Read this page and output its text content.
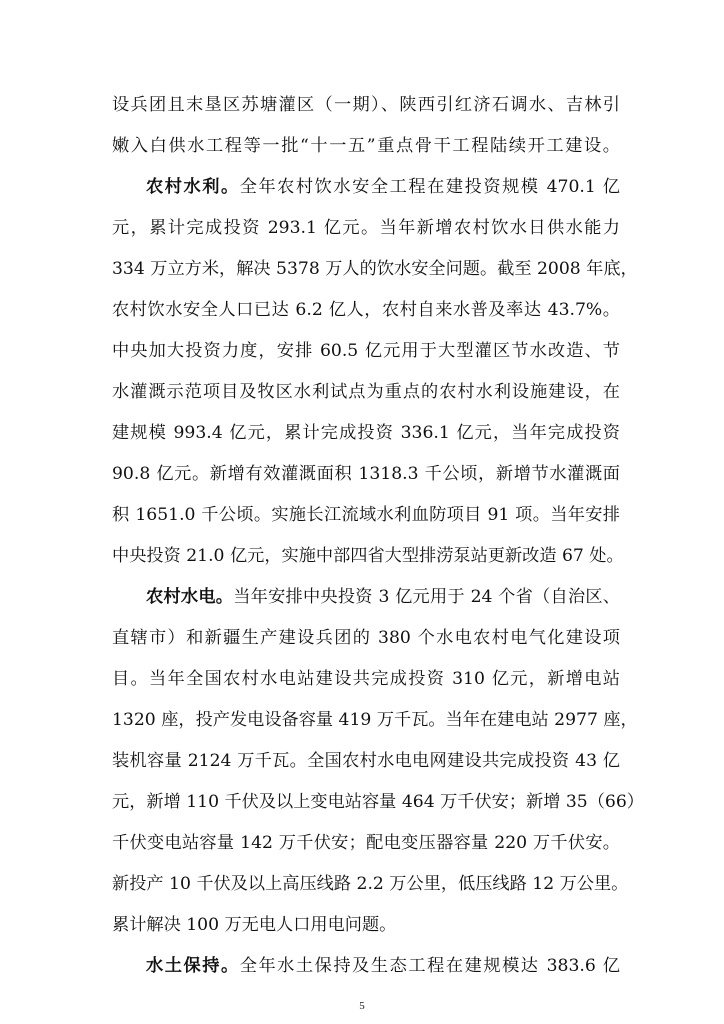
设兵团且末垦区苏塘灌区（一期）、陕西引红济石调水、吉林引
嫩入白供水工程等一批“十一五”重点骨干工程陆续开工建设。
农村水利。全年农村饮水安全工程在建投资规模 470.1 亿
元，累计完成投资 293.1 亿元。当年新增农村饮水日供水能力
334 万立方米，解决 5378 万人的饮水安全问题。截至 2008 年底，
农村饮水安全人口已达 6.2 亿人，农村自来水普及率达 43.7%。
中央加大投资力度，安排 60.5 亿元用于大型灌区节水改造、节
水灌溉示范项目及牧区水利试点为重点的农村水利设施建设，在
建规模 993.4 亿元，累计完成投资 336.1 亿元，当年完成投资
90.8 亿元。新增有效灌溉面积 1318.3 千公顷，新增节水灌溉面
积 1651.0 千公顷。实施长江流域水利血防项目 91 项。当年安排
中央投资 21.0 亿元，实施中部四省大型排涝泵站更新改造 67 处。
农村水电。当年安排中央投资 3 亿元用于 24 个省（自治区、
直辖市）和新疆生产建设兵团的 380 个水电农村电气化建设项
目。当年全国农村水电站建设共完成投资 310 亿元，新增电站
1320 座，投产发电设备容量 419 万千瓦。当年在建电站 2977 座，
装机容量 2124 万千瓦。全国农村水电电网建设共完成投资 43 亿
元，新增 110 千伏及以上变电站容量 464 万千伏安；新增 35（66）
千伏变电站容量 142 万千伏安；配电变压器容量 220 万千伏安。
新投产 10 千伏及以上高压线路 2.2 万公里，低压线路 12 万公里。
累计解决 100 万无电人口用电问题。
水土保持。全年水土保持及生态工程在建规模达 383.6 亿
5
